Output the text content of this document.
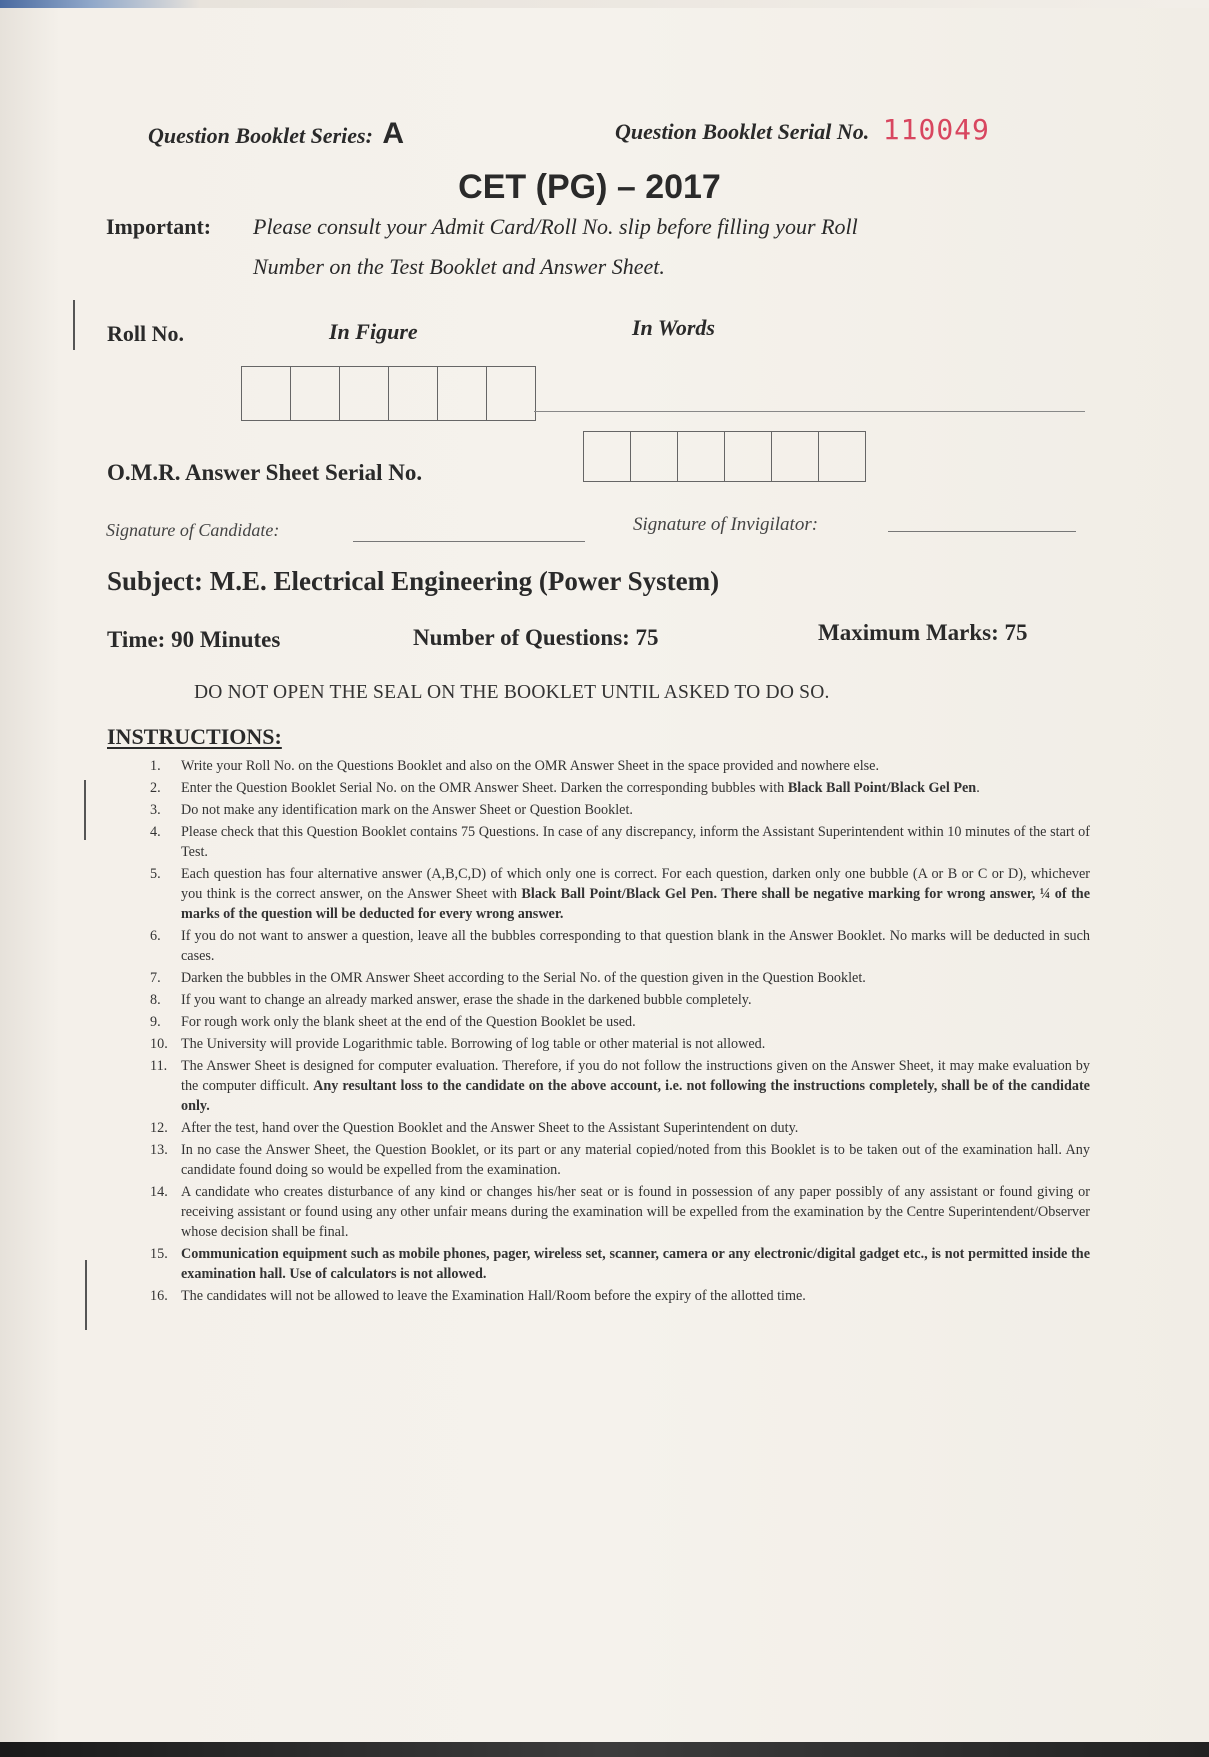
Question Booklet Series: A	Question Booklet Serial No. 110049
CET (PG) – 2017
Important: Please consult your Admit Card/Roll No. slip before filling your Roll
Number on the Test Booklet and Answer Sheet.
Roll No.	In Figure	In Words
O.M.R. Answer Sheet Serial No.
Signature of Candidate:	Signature of Invigilator:
Subject: M.E. Electrical Engineering (Power System)
Time: 90 Minutes	Number of Questions: 75	Maximum Marks: 75
DO NOT OPEN THE SEAL ON THE BOOKLET UNTIL ASKED TO DO SO.
INSTRUCTIONS:
1. Write your Roll No. on the Questions Booklet and also on the OMR Answer Sheet in the space provided and nowhere else.
2. Enter the Question Booklet Serial No. on the OMR Answer Sheet. Darken the corresponding bubbles with Black Ball Point/Black Gel Pen.
3. Do not make any identification mark on the Answer Sheet or Question Booklet.
4. Please check that this Question Booklet contains 75 Questions. In case of any discrepancy, inform the Assistant Superintendent within 10 minutes of the start of Test.
5. Each question has four alternative answer (A,B,C,D) of which only one is correct. For each question, darken only one bubble (A or B or C or D), whichever you think is the correct answer, on the Answer Sheet with Black Ball Point/Black Gel Pen. There shall be negative marking for wrong answer, ¼ of the marks of the question will be deducted for every wrong answer.
6. If you do not want to answer a question, leave all the bubbles corresponding to that question blank in the Answer Booklet. No marks will be deducted in such cases.
7. Darken the bubbles in the OMR Answer Sheet according to the Serial No. of the question given in the Question Booklet.
8. If you want to change an already marked answer, erase the shade in the darkened bubble completely.
9. For rough work only the blank sheet at the end of the Question Booklet be used.
10. The University will provide Logarithmic table. Borrowing of log table or other material is not allowed.
11. The Answer Sheet is designed for computer evaluation. Therefore, if you do not follow the instructions given on the Answer Sheet, it may make evaluation by the computer difficult. Any resultant loss to the candidate on the above account, i.e. not following the instructions completely, shall be of the candidate only.
12. After the test, hand over the Question Booklet and the Answer Sheet to the Assistant Superintendent on duty.
13. In no case the Answer Sheet, the Question Booklet, or its part or any material copied/noted from this Booklet is to be taken out of the examination hall. Any candidate found doing so would be expelled from the examination.
14. A candidate who creates disturbance of any kind or changes his/her seat or is found in possession of any paper possibly of any assistant or found giving or receiving assistant or found using any other unfair means during the examination will be expelled from the examination by the Centre Superintendent/Observer whose decision shall be final.
15. Communication equipment such as mobile phones, pager, wireless set, scanner, camera or any electronic/digital gadget etc., is not permitted inside the examination hall. Use of calculators is not allowed.
16. The candidates will not be allowed to leave the Examination Hall/Room before the expiry of the allotted time.
